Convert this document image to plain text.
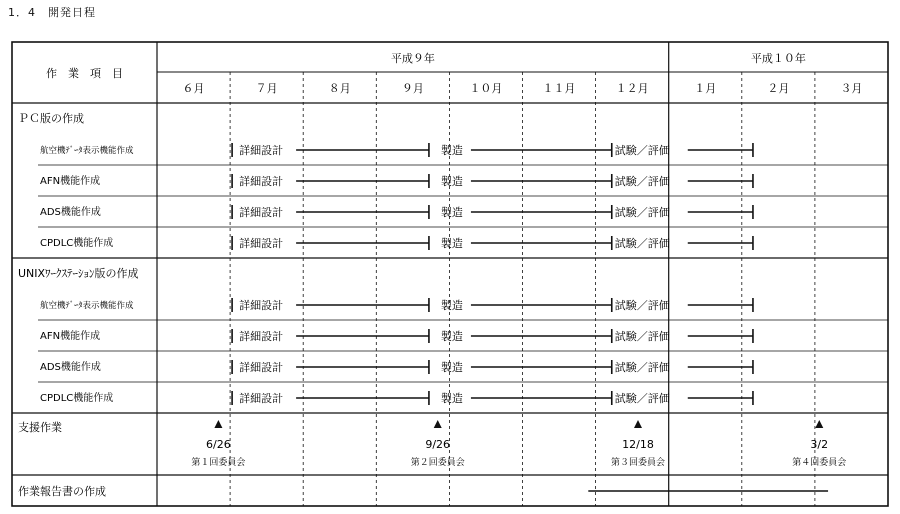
1．4　開発日程
平成９年	平成１０年
作　業　項　目
６月	７月	８月	９月	１０月	１１月	１２月	１月	２月	３月
ＰＣ版の作成
航空機ﾃﾞｰﾀ表示機能作成	詳細設計	製造	試験／評価
AFN機能作成	詳細設計	製造	試験／評価
ADS機能作成	詳細設計	製造	試験／評価
CPDLC機能作成	詳細設計	製造	試験／評価
UNIXﾜｰｸｽﾃｰｼｮﾝ版の作成
航空機ﾃﾞｰﾀ表示機能作成	詳細設計	製造	試験／評価
AFN機能作成	詳細設計	製造	試験／評価
ADS機能作成	詳細設計	製造	試験／評価
CPDLC機能作成	詳細設計	製造	試験／評価
支援作業
6/26
第１回委員会
9/26
第２回委員会
12/18
第３回委員会
3/2
第４回委員会
作業報告書の作成
